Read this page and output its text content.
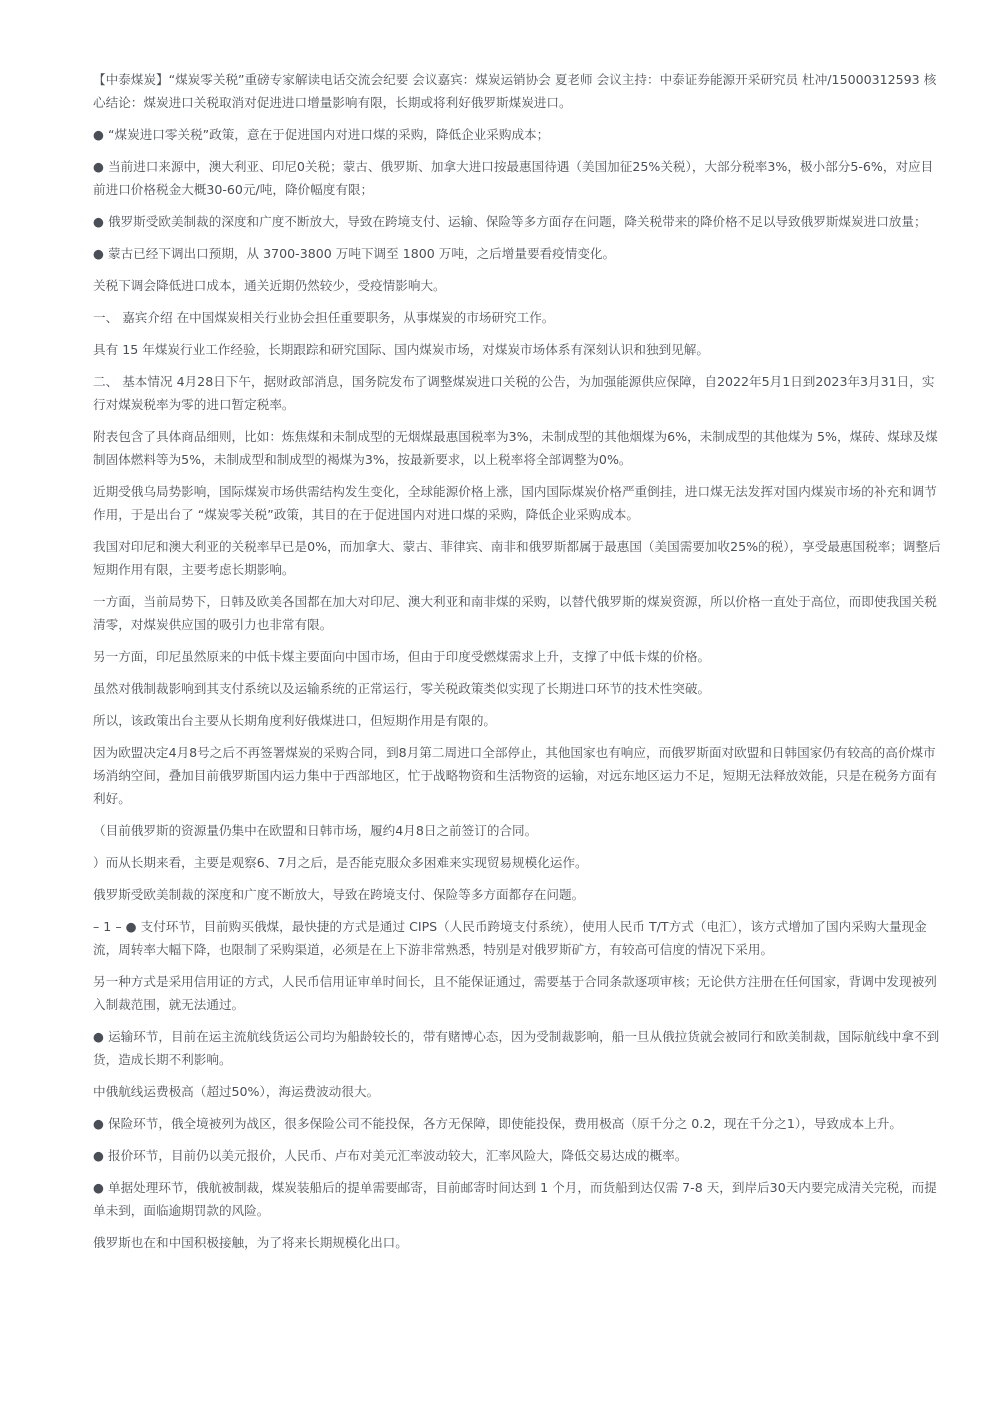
【中泰煤炭】“煤炭零关税”重磅专家解读电话交流会纪要 会议嘉宾：煤炭运销协会 夏老师 会议主持：中泰证券能源开采研究员 杜冲/15000312593 核心结论：煤炭进口关税取消对促进进口增量影响有限，长期或将利好俄罗斯煤炭进口。

● “煤炭进口零关税”政策，意在于促进国内对进口煤的采购，降低企业采购成本；

● 当前进口来源中，澳大利亚、印尼0关税；蒙古、俄罗斯、加拿大进口按最惠国待遇（美国加征25%关税），大部分税率3%，极小部分5-6%，对应目前进口价格税金大概30-60元/吨，降价幅度有限；

● 俄罗斯受欧美制裁的深度和广度不断放大，导致在跨境支付、运输、保险等多方面存在问题，降关税带来的降价格不足以导致俄罗斯煤炭进口放量；

● 蒙古已经下调出口预期，从 3700-3800 万吨下调至 1800 万吨，之后增量要看疫情变化。

关税下调会降低进口成本，通关近期仍然较少，受疫情影响大。

一、 嘉宾介绍 在中国煤炭相关行业协会担任重要职务，从事煤炭的市场研究工作。

具有 15 年煤炭行业工作经验，长期跟踪和研究国际、国内煤炭市场，对煤炭市场体系有深刻认识和独到见解。

二、 基本情况 4月28日下午，据财政部消息，国务院发布了调整煤炭进口关税的公告，为加强能源供应保障，自2022年5月1日到2023年3月31日，实行对煤炭税率为零的进口暂定税率。

附表包含了具体商品细则，比如：炼焦煤和未制成型的无烟煤最惠国税率为3%，未制成型的其他烟煤为6%，未制成型的其他煤为 5%，煤砖、煤球及煤制固体燃料等为5%，未制成型和制成型的褐煤为3%，按最新要求，以上税率将全部调整为0%。

近期受俄乌局势影响，国际煤炭市场供需结构发生变化，全球能源价格上涨，国内国际煤炭价格严重倒挂，进口煤无法发挥对国内煤炭市场的补充和调节作用，于是出台了 “煤炭零关税”政策，其目的在于促进国内对进口煤的采购，降低企业采购成本。

我国对印尼和澳大利亚的关税率早已是0%，而加拿大、蒙古、菲律宾、南非和俄罗斯都属于最惠国（美国需要加收25%的税），享受最惠国税率；调整后短期作用有限，主要考虑长期影响。

一方面，当前局势下，日韩及欧美各国都在加大对印尼、澳大利亚和南非煤的采购，以替代俄罗斯的煤炭资源，所以价格一直处于高位，而即使我国关税清零，对煤炭供应国的吸引力也非常有限。

另一方面，印尼虽然原来的中低卡煤主要面向中国市场，但由于印度受燃煤需求上升，支撑了中低卡煤的价格。

虽然对俄制裁影响到其支付系统以及运输系统的正常运行，零关税政策类似实现了长期进口环节的技术性突破。

所以，该政策出台主要从长期角度利好俄煤进口，但短期作用是有限的。

因为欧盟决定4月8号之后不再签署煤炭的采购合同，到8月第二周进口全部停止，其他国家也有响应，而俄罗斯面对欧盟和日韩国家仍有较高的高价煤市场消纳空间，叠加目前俄罗斯国内运力集中于西部地区，忙于战略物资和生活物资的运输，对远东地区运力不足，短期无法释放效能，只是在税务方面有利好。

（目前俄罗斯的资源量仍集中在欧盟和日韩市场，履约4月8日之前签订的合同。

）而从长期来看，主要是观察6、7月之后，是否能克服众多困难来实现贸易规模化运作。

俄罗斯受欧美制裁的深度和广度不断放大，导致在跨境支付、保险等多方面都存在问题。

– 1 – ● 支付环节，目前购买俄煤，最快捷的方式是通过 CIPS（人民币跨境支付系统），使用人民币 T/T方式（电汇），该方式增加了国内采购大量现金流，周转率大幅下降，也限制了采购渠道，必须是在上下游非常熟悉，特别是对俄罗斯矿方，有较高可信度的情况下采用。

另一种方式是采用信用证的方式，人民币信用证审单时间长，且不能保证通过，需要基于合同条款逐项审核；无论供方注册在任何国家，背调中发现被列入制裁范围，就无法通过。

● 运输环节，目前在运主流航线货运公司均为船龄较长的，带有赌博心态，因为受制裁影响，船一旦从俄拉货就会被同行和欧美制裁，国际航线中拿不到货，造成长期不利影响。

中俄航线运费极高（超过50%），海运费波动很大。

● 保险环节，俄全境被列为战区，很多保险公司不能投保，各方无保障，即使能投保，费用极高（原千分之 0.2，现在千分之1），导致成本上升。

● 报价环节，目前仍以美元报价，人民币、卢布对美元汇率波动较大，汇率风险大，降低交易达成的概率。

● 单据处理环节，俄航被制裁，煤炭装船后的提单需要邮寄，目前邮寄时间达到 1 个月，而货船到达仅需 7-8 天，到岸后30天内要完成清关完税，而提单未到，面临逾期罚款的风险。

俄罗斯也在和中国积极接触，为了将来长期规模化出口。
